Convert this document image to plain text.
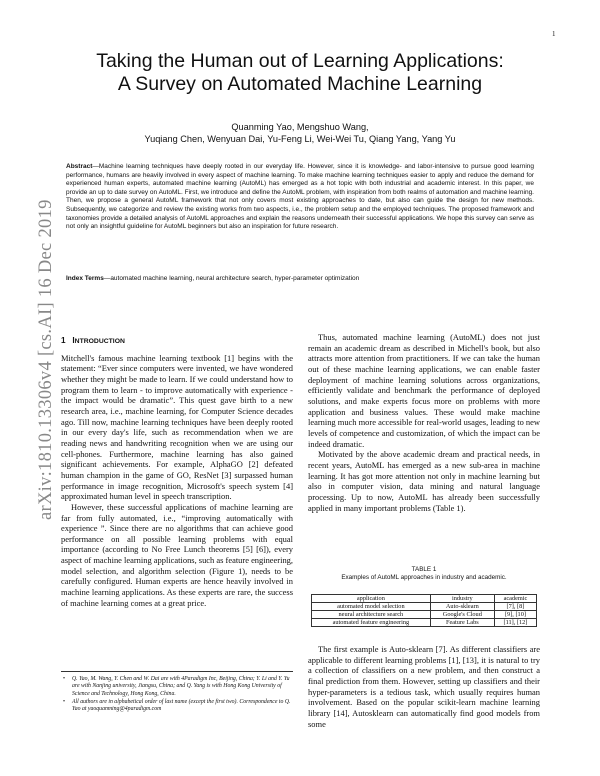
1
arXiv:1810.13306v4 [cs.AI] 16 Dec 2019
Taking the Human out of Learning Applications:
A Survey on Automated Machine Learning
Quanming Yao, Mengshuo Wang,
Yuqiang Chen, Wenyuan Dai, Yu-Feng Li, Wei-Wei Tu, Qiang Yang, Yang Yu
Abstract—Machine learning techniques have deeply rooted in our everyday life. However, since it is knowledge- and labor-intensive to pursue good learning performance, humans are heavily involved in every aspect of machine learning. To make machine learning techniques easier to apply and reduce the demand for experienced human experts, automated machine learning (AutoML) has emerged as a hot topic with both industrial and academic interest. In this paper, we provide an up to date survey on AutoML. First, we introduce and define the AutoML problem, with inspiration from both realms of automation and machine learning. Then, we propose a general AutoML framework that not only covers most existing approaches to date, but also can guide the design for new methods. Subsequently, we categorize and review the existing works from two aspects, i.e., the problem setup and the employed techniques. The proposed framework and taxonomies provide a detailed analysis of AutoML approaches and explain the reasons underneath their successful applications. We hope this survey can serve as not only an insightful guideline for AutoML beginners but also an inspiration for future research.
Index Terms—automated machine learning, neural architecture search, hyper-parameter optimization
1 INTRODUCTION

Mitchell's famous machine learning textbook [1] begins with the statement: “Ever since computers were invented, we have wondered whether they might be made to learn. If we could understand how to program them to learn - to improve automatically with experience - the impact would be dramatic”. This quest gave birth to a new research area, i.e., machine learning, for Computer Science decades ago. Till now, machine learning techniques have been deeply rooted in our every day's life, such as recommendation when we are reading news and handwriting recognition when we are using our cell-phones. Furthermore, machine learning has also gained significant achievements. For example, AlphaGO [2] defeated human champion in the game of GO, ResNet [3] surpassed human performance in image recognition, Microsoft's speech system [4] approximated human level in speech transcription.

However, these successful applications of machine learning are far from fully automated, i.e., “improving automatically with experience ”. Since there are no algorithms that can achieve good performance on all possible learning problems with equal importance (according to No Free Lunch theorems [5] [6]), every aspect of machine learning applications, such as feature engineering, model selection, and algorithm selection (Figure 1), needs to be carefully configured. Human experts are hence heavily involved in machine learning applications. As these experts are rare, the success of machine learning comes at a great price.

• Q. Yao, M. Wang, Y. Chen and W. Dai are with 4Paradigm Inc, Beijing, China; Y. Li and Y. Yu are with Nanjing university, Jiangsu, China; and Q. Yang is with Hong Kong University of Science and Technology, Hong Kong, China.
• All authors are in alphabetical order of last name (except the first two). Correspondence to Q. Yao at yaoquanming@4paradigm.com

Thus, automated machine learning (AutoML) does not just remain an academic dream as described in Michell's book, but also attracts more attention from practitioners. If we can take the human out of these machine learning applications, we can enable faster deployment of machine learning solutions across organizations, efficiently validate and benchmark the performance of deployed solutions, and make experts focus more on problems with more application and business values. These would make machine learning much more accessible for real-world usages, leading to new levels of competence and customization, of which the impact can be indeed dramatic.

Motivated by the above academic dream and practical needs, in recent years, AutoML has emerged as a new sub-area in machine learning. It has got more attention not only in machine learning but also in computer vision, data mining and natural language processing. Up to now, AutoML has already been successfully applied in many important problems (Table 1).

TABLE 1
Examples of AutoML approaches in industry and academic.
application	industry	academic
automated model selection	Auto-sklearn	[7], [8]
neural architecture search	Google's Cloud	[9], [10]
automated feature engineering	Feature Labs	[11], [12]

The first example is Auto-sklearn [7]. As different classifiers are applicable to different learning problems [1], [13], it is natural to try a collection of classifiers on a new problem, and then construct a final prediction from them. However, setting up classifiers and their hyper-parameters is a tedious task, which usually requires human involvement. Based on the popular scikit-learn machine learning library [14], Autosklearn can automatically find good models from some
